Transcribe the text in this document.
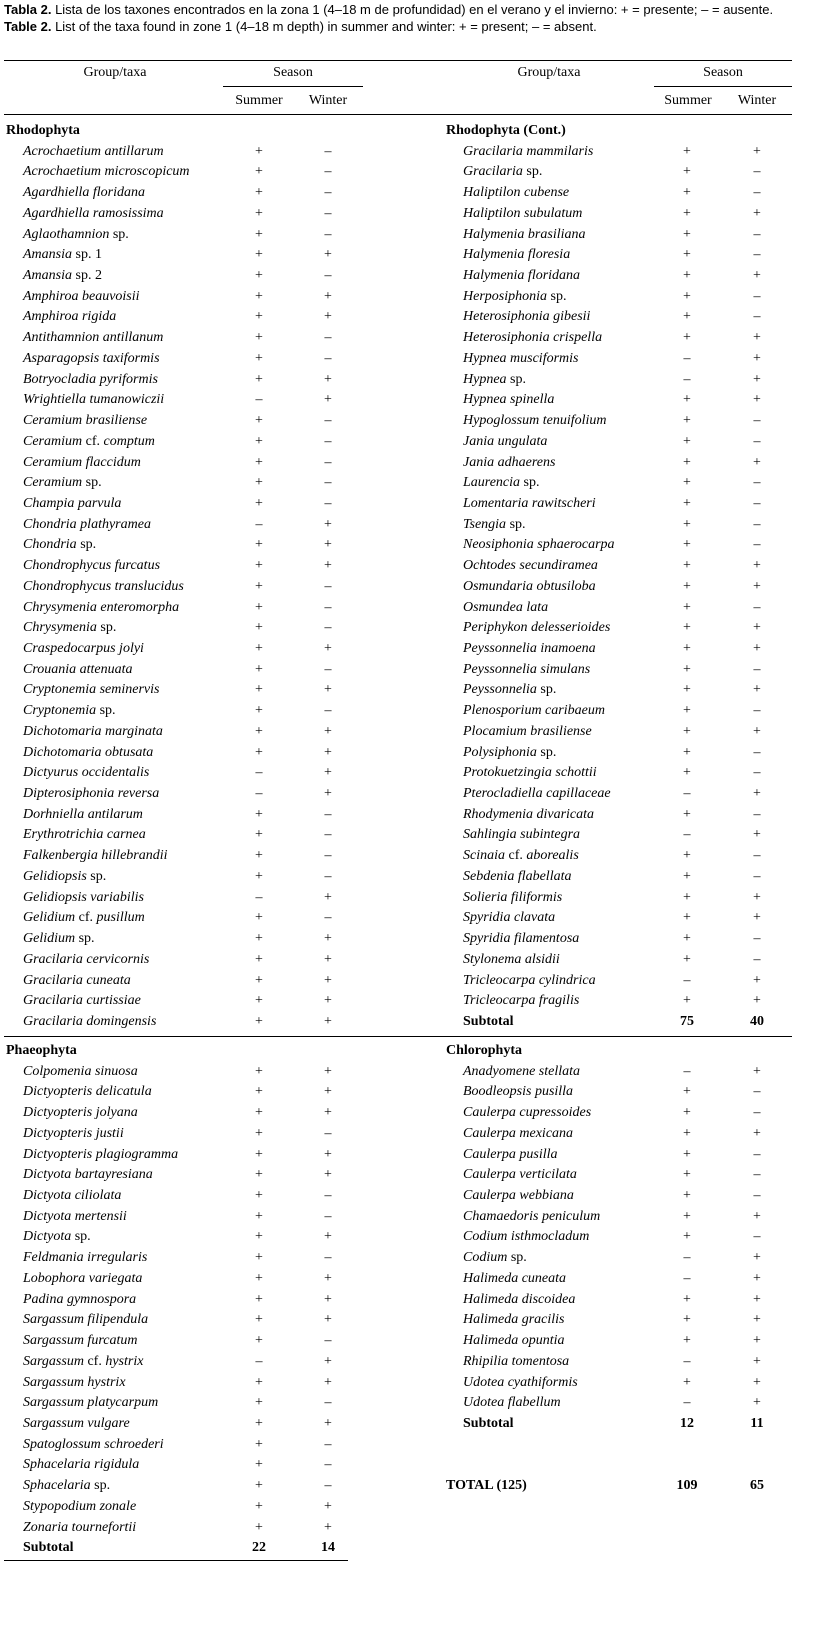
Tabla 2. Lista de los taxones encontrados en la zona 1 (4–18 m de profundidad) en el verano y el invierno: + = presente; – = ausente.
Table 2. List of the taxa found in zone 1 (4–18 m depth) in summer and winter: + = present; – = absent.
Group/taxa	Season
Summer	Winter
Group/taxa	Season
Summer	Winter
Rhodophyta
Acrochaetium antillarum	+	–
Acrochaetium microscopicum	+	–
Agardhiella floridana	+	–
Agardhiella ramosissima	+	–
Aglaothamnion sp.	+	–
Amansia sp. 1	+	+
Amansia sp. 2	+	–
Amphiroa beauvoisii	+	+
Amphiroa rigida	+	+
Antithamnion antillanum	+	–
Asparagopsis taxiformis	+	–
Botryocladia pyriformis	+	+
Wrightiella tumanowiczii	–	+
Ceramium brasiliense	+	–
Ceramium cf. comptum	+	–
Ceramium flaccidum	+	–
Ceramium sp.	+	–
Champia parvula	+	–
Chondria plathyramea	–	+
Chondria sp.	+	+
Chondrophycus furcatus	+	+
Chondrophycus translucidus	+	–
Chrysymenia enteromorpha	+	–
Chrysymenia sp.	+	–
Craspedocarpus jolyi	+	+
Crouania attenuata	+	–
Cryptonemia seminervis	+	+
Cryptonemia sp.	+	–
Dichotomaria marginata	+	+
Dichotomaria obtusata	+	+
Dictyurus occidentalis	–	+
Dipterosiphonia reversa	–	+
Dorhniella antilarum	+	–
Erythrotrichia carnea	+	–
Falkenbergia hillebrandii	+	–
Gelidiopsis sp.	+	–
Gelidiopsis variabilis	–	+
Gelidium cf. pusillum	+	–
Gelidium sp.	+	+
Gracilaria cervicornis	+	+
Gracilaria cuneata	+	+
Gracilaria curtissiae	+	+
Gracilaria domingensis	+	+
Rhodophyta (Cont.)
Gracilaria mammilaris	+	+
Gracilaria sp.	+	–
Haliptilon cubense	+	–
Haliptilon subulatum	+	+
Halymenia brasiliana	+	–
Halymenia floresia	+	–
Halymenia floridana	+	+
Herposiphonia sp.	+	–
Heterosiphonia gibesii	+	–
Heterosiphonia crispella	+	+
Hypnea musciformis	–	+
Hypnea sp.	–	+
Hypnea spinella	+	+
Hypoglossum tenuifolium	+	–
Jania ungulata	+	–
Jania adhaerens	+	+
Laurencia sp.	+	–
Lomentaria rawitscheri	+	–
Tsengia sp.	+	–
Neosiphonia sphaerocarpa	+	–
Ochtodes secundiramea	+	+
Osmundaria obtusiloba	+	+
Osmundea lata	+	–
Periphykon delesserioides	+	+
Peyssonnelia inamoena	+	+
Peyssonnelia simulans	+	–
Peyssonnelia sp.	+	+
Plenosporium caribaeum	+	–
Plocamium brasiliense	+	+
Polysiphonia sp.	+	–
Protokuetzingia schottii	+	–
Pterocladiella capillaceae	–	+
Rhodymenia divaricata	+	–
Sahlingia subintegra	–	+
Scinaia cf. aborealis	+	–
Sebdenia flabellata	+	–
Solieria filiformis	+	+
Spyridia clavata	+	+
Spyridia filamentosa	+	–
Stylonema alsidii	+	–
Tricleocarpa cylindrica	–	+
Tricleocarpa fragilis	+	+
Subtotal	75	40
Phaeophyta
Colpomenia sinuosa	+	+
Dictyopteris delicatula	+	+
Dictyopteris jolyana	+	+
Dictyopteris justii	+	–
Dictyopteris plagiogramma	+	+
Dictyota bartayresiana	+	+
Dictyota ciliolata	+	–
Dictyota mertensii	+	–
Dictyota sp.	+	+
Feldmania irregularis	+	–
Lobophora variegata	+	+
Padina gymnospora	+	+
Sargassum filipendula	+	+
Sargassum furcatum	+	–
Sargassum cf. hystrix	–	+
Sargassum hystrix	+	+
Sargassum platycarpum	+	–
Sargassum vulgare	+	+
Spatoglossum schroederi	+	–
Sphacelaria rigidula	+	–
Sphacelaria sp.	+	–
Stypopodium zonale	+	+
Zonaria tournefortii	+	+
Subtotal	22	14
Chlorophyta
Anadyomene stellata	–	+
Boodleopsis pusilla	+	–
Caulerpa cupressoides	+	–
Caulerpa mexicana	+	+
Caulerpa pusilla	+	–
Caulerpa verticilata	+	–
Caulerpa webbiana	+	–
Chamaedoris peniculum	+	+
Codium isthmocladum	+	–
Codium sp.	–	+
Halimeda cuneata	–	+
Halimeda discoidea	+	+
Halimeda gracilis	+	+
Halimeda opuntia	+	+
Rhipilia tomentosa	–	+
Udotea cyathiformis	+	+
Udotea flabellum	–	+
Subtotal	12	11
TOTAL (125)	109	65
